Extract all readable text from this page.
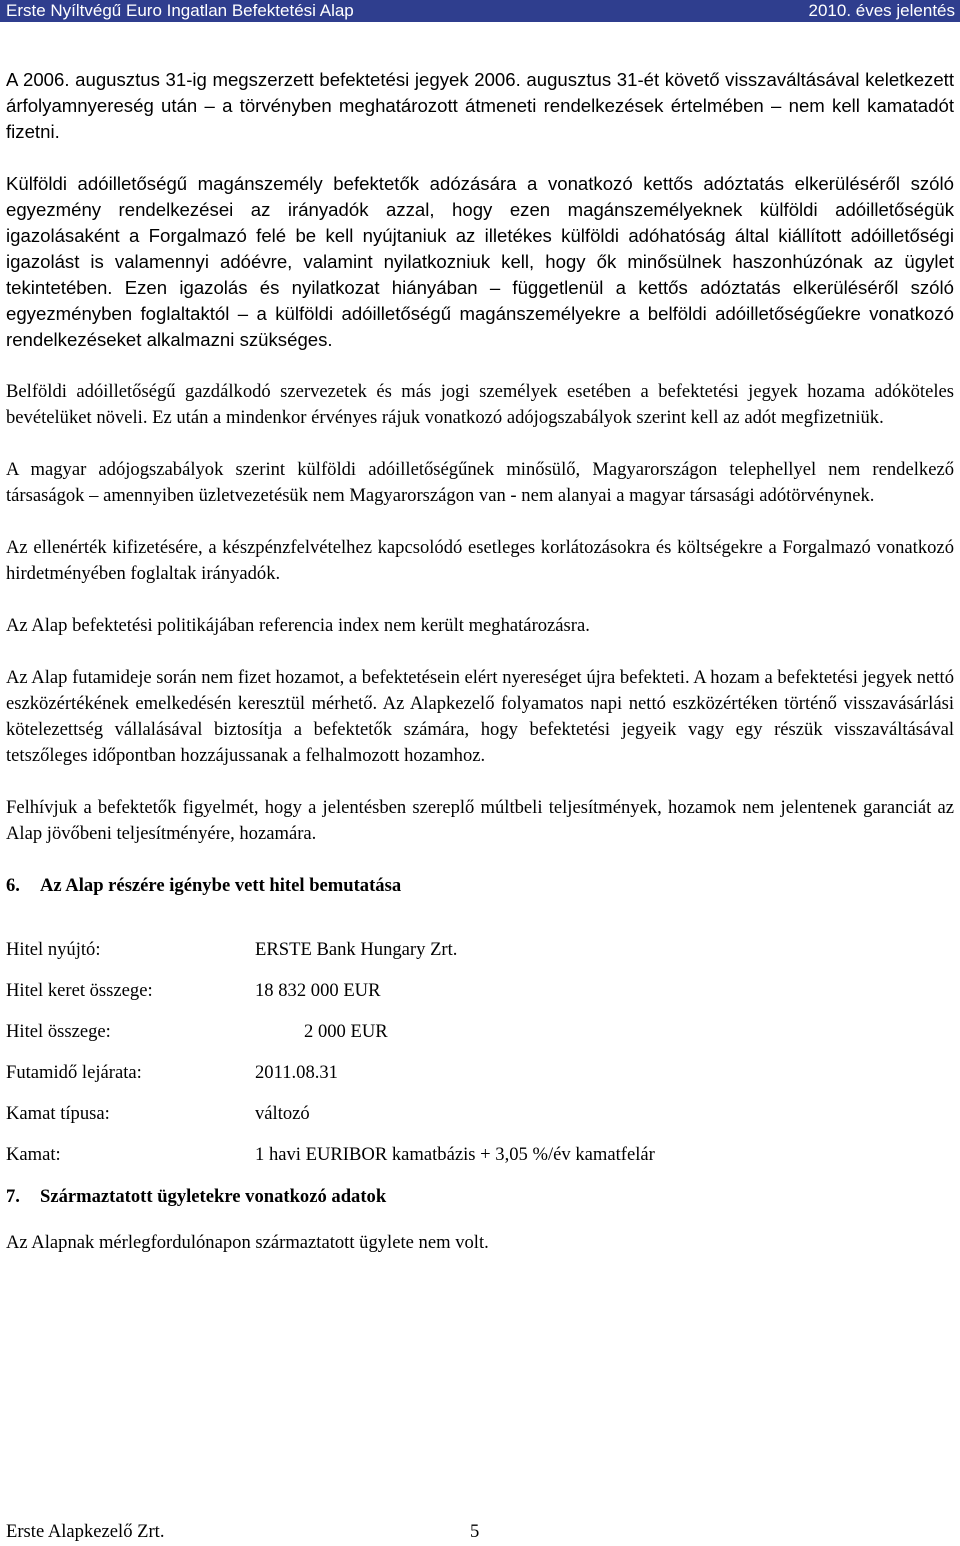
Erste Nyíltvégű Euro Ingatlan Befektetési Alap	2010. éves jelentés

A 2006. augusztus 31-ig megszerzett befektetési jegyek 2006. augusztus 31-ét követő visszaváltásával keletkezett árfolyamnyereség után – a törvényben meghatározott átmeneti rendelkezések értelmében – nem kell kamatadót fizetni.

Külföldi adóilletőségű magánszemély befektetők adózására a vonatkozó kettős adóztatás elkerüléséről szóló egyezmény rendelkezései az irányadók azzal, hogy ezen magánszemélyeknek külföldi adóilletőségük igazolásaként a Forgalmazó felé be kell nyújtaniuk az illetékes külföldi adóhatóság által kiállított adóilletőségi igazolást is valamennyi adóévre, valamint nyilatkozniuk kell, hogy ők minősülnek haszonhúzónak az ügylet tekintetében. Ezen igazolás és nyilatkozat hiányában – függetlenül a kettős adóztatás elkerüléséről szóló egyezményben foglaltaktól – a külföldi adóilletőségű magánszemélyekre a belföldi adóilletőségűekre vonatkozó rendelkezéseket alkalmazni szükséges.

Belföldi adóilletőségű gazdálkodó szervezetek és más jogi személyek esetében a befektetési jegyek hozama adóköteles bevételüket növeli. Ez után a mindenkor érvényes rájuk vonatkozó adójogszabályok szerint kell az adót megfizetniük.

A magyar adójogszabályok szerint külföldi adóilletőségűnek minősülő, Magyarországon telephellyel nem rendelkező társaságok – amennyiben üzletvezetésük nem Magyarországon van - nem alanyai a magyar társasági adótörvénynek.

Az ellenérték kifizetésére, a készpénzfelvételhez kapcsolódó esetleges korlátozásokra és költségekre a Forgalmazó vonatkozó hirdetményében foglaltak irányadók.

Az Alap befektetési politikájában referencia index nem került meghatározásra.

Az Alap futamideje során nem fizet hozamot, a befektetésein elért nyereséget újra befekteti. A hozam a befektetési jegyek nettó eszközértékének emelkedésén keresztül mérhető. Az Alapkezelő folyamatos napi nettó eszközértéken történő visszavásárlási kötelezettség vállalásával biztosítja a befektetők számára, hogy befektetési jegyeik vagy egy részük visszaváltásával tetszőleges időpontban hozzájussanak a felhalmozott hozamhoz.

Felhívjuk a befektetők figyelmét, hogy a jelentésben szereplő múltbeli teljesítmények, hozamok nem jelentenek garanciát az Alap jövőbeni teljesítményére, hozamára.

6. Az Alap részére igénybe vett hitel bemutatása

Hitel nyújtó:	ERSTE Bank Hungary Zrt.
Hitel keret összege:	18 832 000 EUR
Hitel összege:	2 000 EUR
Futamidő lejárata:	2011.08.31
Kamat típusa:	változó
Kamat:	1 havi EURIBOR kamatbázis + 3,05 %/év kamatfelár

7. Származtatott ügyletekre vonatkozó adatok

Az Alapnak mérlegfordulónapon származtatott ügylete nem volt.

Erste Alapkezelő Zrt.	5
